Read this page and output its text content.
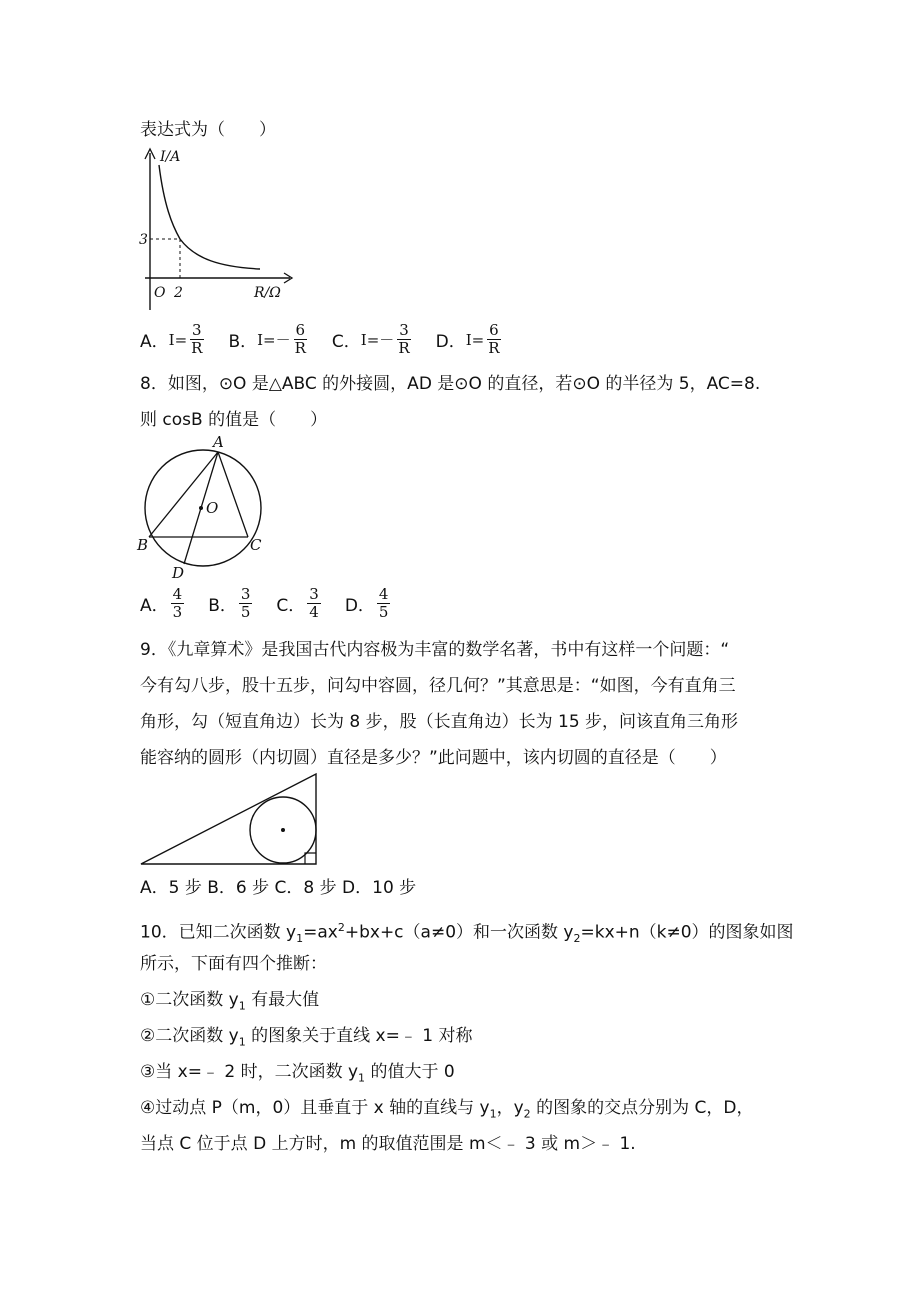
表达式为（　　）
I/A
R/Ω
O 2
3
A． $I= \frac{3}{R}$ B． $I= - \frac{6}{R}$ C． $I= - \frac{3}{R}$ D． $I= \frac{6}{R}$
8．如图，⊙O 是△ABC 的外接圆，AD 是⊙O 的直径，若⊙O 的半径为 5，AC=8.
则 cosB 的值是（　　）
A
B	C
D
O
A． $\frac{4}{3}$ B． $\frac{3}{5}$ C． $\frac{3}{4}$ D． $\frac{4}{5}$
9．《九章算术》是我国古代内容极为丰富的数学名著，书中有这样一个问题：“
今有勾八步，股十五步，问勾中容圆，径几何？”其意思是：“如图，今有直角三
角形，勾（短直角边）长为 8 步，股（长直角边）长为 15 步，问该直角三角形
能容纳的圆形（内切圆）直径是多少？”此问题中，该内切圆的直径是（　　）
A．5 步 B．6 步 C．8 步 D．10 步
10．已知二次函数 $y_1=ax^2+bx+c(a\ne 0)$和一次函数 $y_2=kx+n(k\ne 0)$的图象如图
所示，下面有四个推断：
①二次函数 $y_1$ 有最大值
②二次函数 $y_1$ 的图象关于直线 x=﹣ 1 对称
③当 x=﹣ 2 时，二次函数 $y_1$ 的值大于 0
④过动点 P（m，0）且垂直于 x 轴的直线与 $y_1$，$y_2$ 的图象的交点分别为 C，D，
当点 C 位于点 D 上方时，m 的取值范围是 m＜﹣ 3 或 m＞﹣ 1.
